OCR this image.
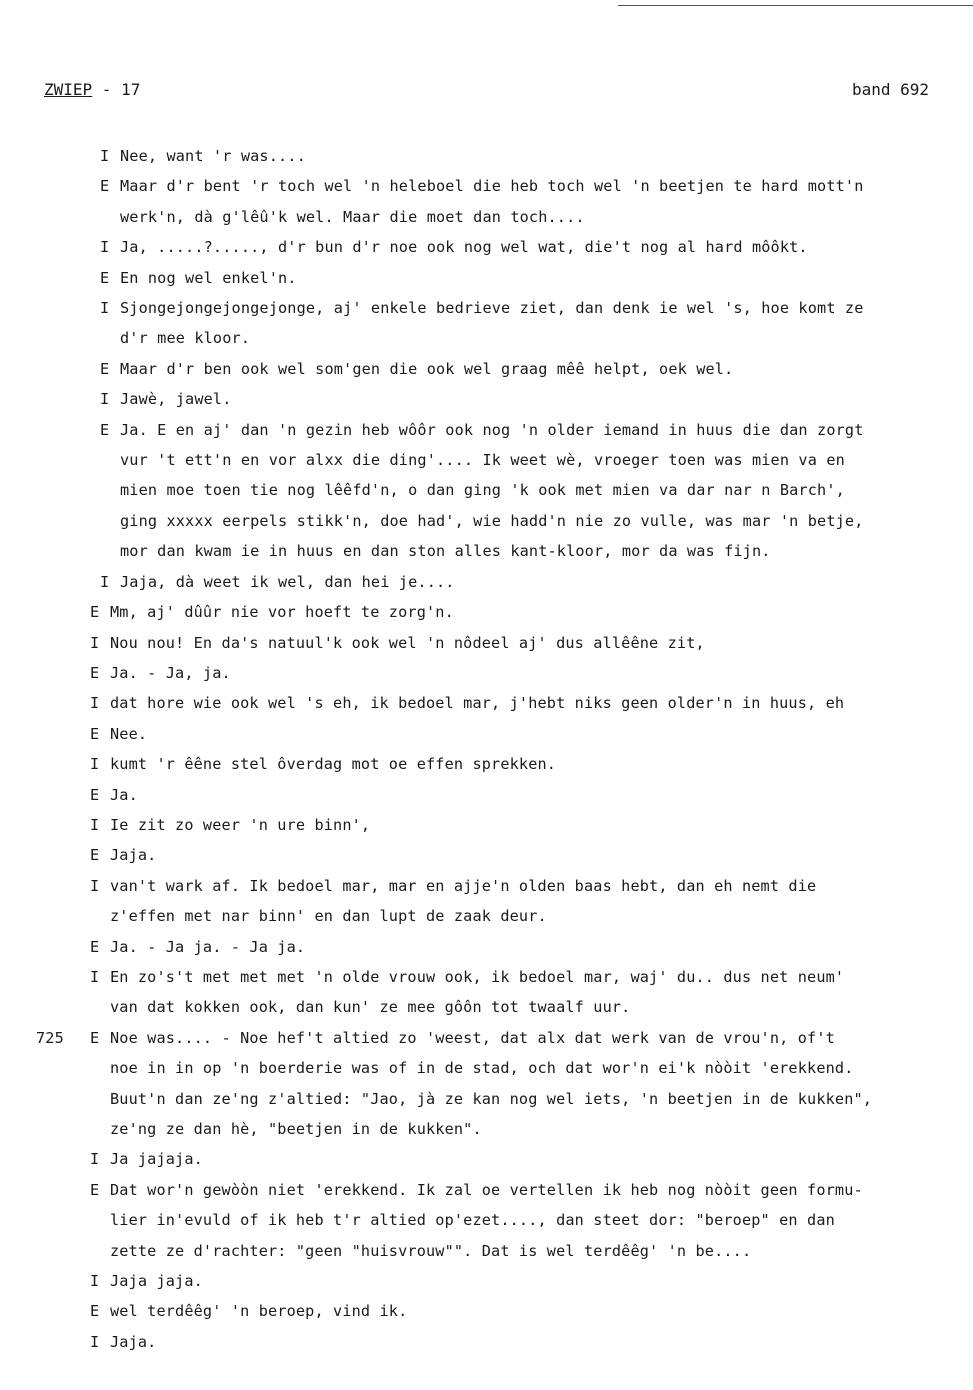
ZWIEP - 17	band 692
I Nee, want 'r was....
E Maar d'r bent 'r toch wel 'n heleboel die heb toch wel 'n beetjen te hard mott'n
werk'n, dà g'lêû'k wel. Maar die moet dan toch....
I Ja, .....?....., d'r bun d'r noe ook nog wel wat, die't nog al hard môôkt.
E En nog wel enkel'n.
I Sjongejongejongejonge, aj' enkele bedrieve ziet, dan denk ie wel 's, hoe komt ze
d'r mee kloor.
E Maar d'r ben ook wel som'gen die ook wel graag mêê helpt, oek wel.
I Jawè, jawel.
E Ja. E en aj' dan 'n gezin heb wôôr ook nog 'n older iemand in huus die dan zorgt
vur 't ett'n en vor alxx die ding'.... Ik weet wè, vroeger toen was mien va en
mien moe toen tie nog lêêfd'n, o dan ging 'k ook met mien va dar nar n Barch',
ging xxxxx eerpels stikk'n, doe had', wie hadd'n nie zo vulle, was mar 'n betje,
mor dan kwam ie in huus en dan ston alles kant-kloor, mor da was fijn.
I Jaja, dà weet ik wel, dan hei je....
E Mm, aj' dûûr nie vor hoeft te zorg'n.
I Nou nou! En da's natuul'k ook wel 'n nôdeel aj' dus allêêne zit,
E Ja. - Ja, ja.
I dat hore wie ook wel 's eh, ik bedoel mar, j'hebt niks geen older'n in huus, eh
E Nee.
I kumt 'r êêne stel ôverdag mot oe effen sprekken.
E Ja.
I Ie zit zo weer 'n ure binn',
E Jaja.
I van't wark af. Ik bedoel mar, mar en ajje'n olden baas hebt, dan eh nemt die
z'effen met nar binn' en dan lupt de zaak deur.
E Ja. - Ja ja. - Ja ja.
I En zo's't met met met 'n olde vrouw ook, ik bedoel mar, waj' du.. dus net neum'
van dat kokken ook, dan kun' ze mee gôôn tot twaalf uur.
E
725	Noe was.... - Noe hef't altied zo 'weest, dat alx dat werk van de vrou'n, of't
noe in in op 'n boerderie was of in de stad, och dat wor'n ei'k nòòit 'erekkend.
Buut'n dan ze'ng z'altied: "Jao, jà ze kan nog wel iets, 'n beetjen in de kukken",
ze'ng ze dan hè, "beetjen in de kukken".
I Ja jajaja.
E Dat wor'n gewòòn niet 'erekkend. Ik zal oe vertellen ik heb nog nòòit geen formu-
lier in'evuld of ik heb t'r altied op'ezet...., dan steet dor: "beroep" en dan
zette ze d'rachter: "geen "huisvrouw"". Dat is wel terdêêg' 'n be....
I Jaja jaja.
E wel terdêêg' 'n beroep, vind ik.
I Jaja.
